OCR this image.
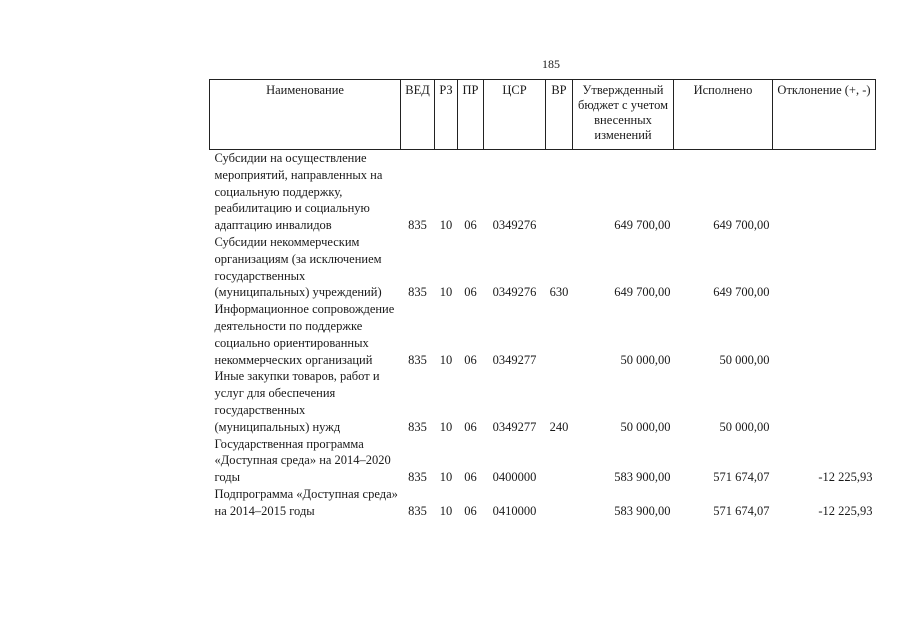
185
Наименование	ВЕД	РЗ	ПР	ЦСР	ВР	Утвержденный бюджет с учетом внесенных изменений	Исполнено	Отклонение (+, -)
Субсидии на осуществление мероприятий, направленных на социальную поддержку, реабилитацию и социальную адаптацию инвалидов	835	10	06	0349276		649 700,00	649 700,00	
Субсидии некоммерческим организациям (за исключением государственных (муниципальных) учреждений)	835	10	06	0349276	630	649 700,00	649 700,00	
Информационное сопровождение деятельности по поддержке социально ориентированных некоммерческих организаций	835	10	06	0349277		50 000,00	50 000,00	
Иные закупки товаров, работ и услуг для обеспечения государственных (муниципальных) нужд	835	10	06	0349277	240	50 000,00	50 000,00	
Государственная программа «Доступная среда» на 2014–2020 годы	835	10	06	0400000		583 900,00	571 674,07	-12 225,93
Подпрограмма «Доступная среда» на 2014–2015 годы	835	10	06	0410000		583 900,00	571 674,07	-12 225,93
